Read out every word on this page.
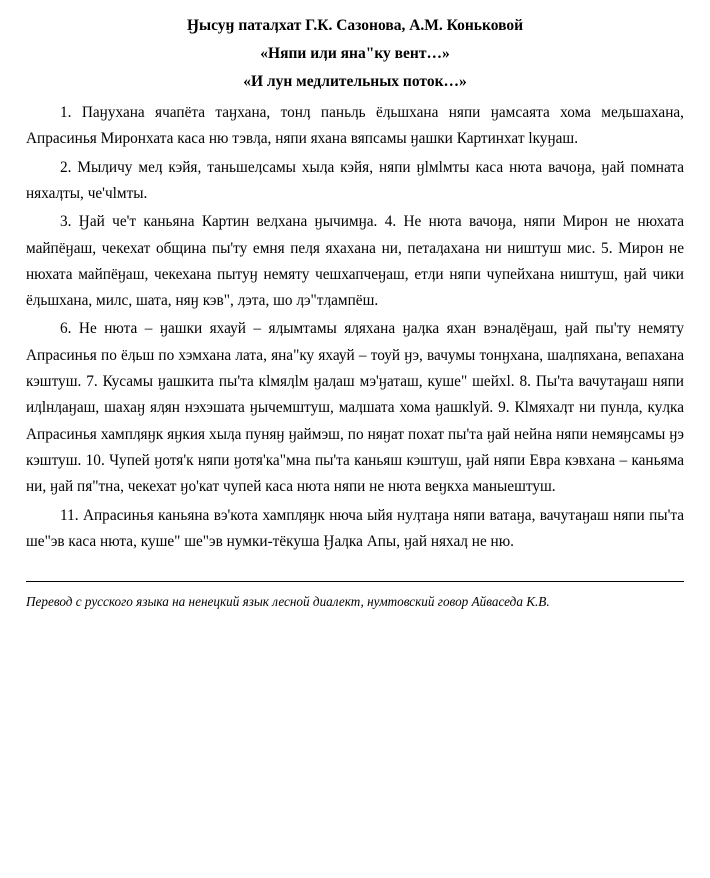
Ӈысуӈ патаӆхат Г.К. Сазонова, А.М. Коньковой
«Няпи иӆи яна"ку вент…»
«И лун медлительных поток…»

1. Паӈухана ячапёта таӈхана, тонӆ паньӆь ёӆьшхана няпи ӈамсаята хома меӆьшахана, Апрасинья Миронхата каса ню тэвӆа, няпи яхана вяпсамы ӈашки Картинхат ӏкуӈаш.

2. Мыӆичу меӆ кэйя, таньшеӆсамы хыӆа кэйя, няпи ӈӏмӏмты каса нюта вачоӈа, ӈай помната няхаӆты, че'чӏмты.

3. Ӈай че'т каньяна Картин веӆхана ӈычимӈа. 4. Не нюта вачоӈа, няпи Мирон не нюхата майпёӈаш, чекехат община пы'ту емня пеӆя яхахана ни, петаӆахана ни ништуш мис. 5. Мирон не нюхата майпёӈаш, чекехана пытуӈ немяту чешхапчеӈаш, етӆи няпи чупейхана ништуш, ӈай чики ёӆьшхана, милс, шата, няӈ кэв", ӆэта, шо ӆэ"тӆампёш.

6. Не нюта – ӈашки яхауй – яӆымтамы яӆяхана ӈаӆка яхан вэнаӆёӈаш, ӈай пы'ту немяту Апрасинья по ёӆьш по хэмхана лата, яна"ку яхауй – тоуй ӈэ, вачумы тонӈхана, шаӆпяхана, вепахана кэштуш. 7. Кусамы ӈашкита пы'та кӏмяӆӏм ӈаӆаш мэ'ӈаташ, куше" шейхӏ. 8. Пы'та вачутаӈаш няпи иӆӏнӆаӈаш, шахаӈ яӆян нэхэшата ӈычемштуш, маӆшата хома ӈашкӏуй. 9. Кӏмяхаӆт ни пунӆа, куӆка Апрасинья хампӆяӈк яӈкия хыӆа пуняӈ ӈаймэш, по няӈат похат пы'та ӈай нейна няпи немяӈсамы ӈэ кэштуш. 10. Чупей ӈотя'к няпи ӈотя'ка"мна пы'та каньяш кэштуш, ӈай няпи Евра кэвхана – каньяма ни, ӈай пя"тна, чекехат ӈо'кат чупей каса нюта няпи не нюта веӈкха маныештуш.

11. Апрасинья каньяна вэ'кота хампӆяӈк нюча ыйя нуӆтаӈа няпи ватаӈа, вачутаӈаш няпи пы'та ше"эв каса нюта, куше" ше"эв нумки-тёкуша Ӈаӆка Апы, ӈай няхаӆ не ню.

Перевод с русского языка на ненецкий язык лесной диалект, нумтовский говор Айваседа К.В.
